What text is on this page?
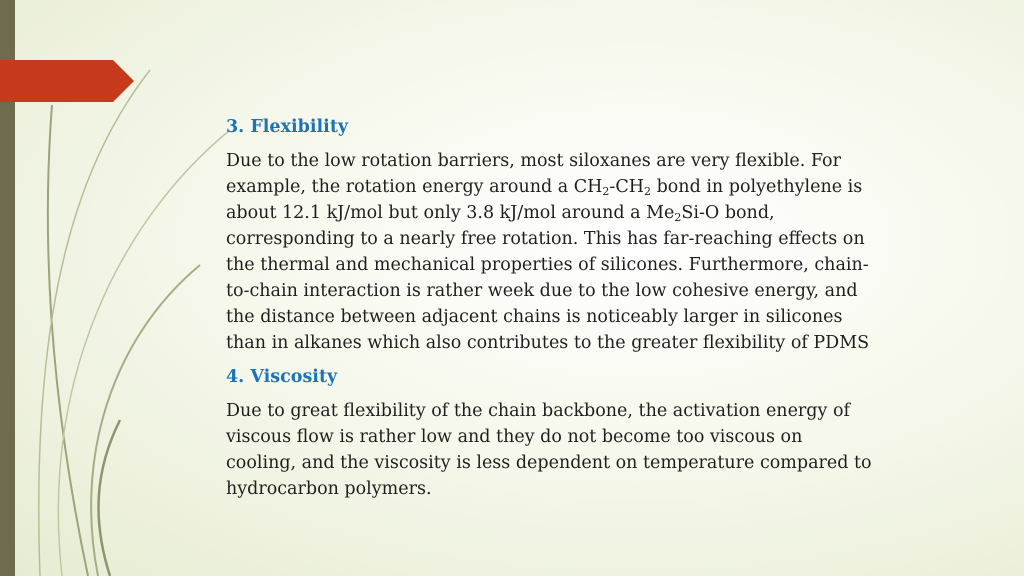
3. Flexibility
Due to the low rotation barriers, most siloxanes are very flexible. For
example, the rotation energy around a $CH_2-CH_2$ bond in polyethylene is
about 12.1 kJ/mol but only 3.8 kJ/mol around a $Me_2Si-O$ bond,
corresponding to a nearly free rotation. This has far-reaching effects on
the thermal and mechanical properties of silicones. Furthermore, chain-
to-chain interaction is rather week due to the low cohesive energy, and
the distance between adjacent chains is noticeably larger in silicones
than in alkanes which also contributes to the greater flexibility of PDMS
4. Viscosity
Due to great flexibility of the chain backbone, the activation energy of
viscous flow is rather low and they do not become too viscous on
cooling, and the viscosity is less dependent on temperature compared to
hydrocarbon polymers.
